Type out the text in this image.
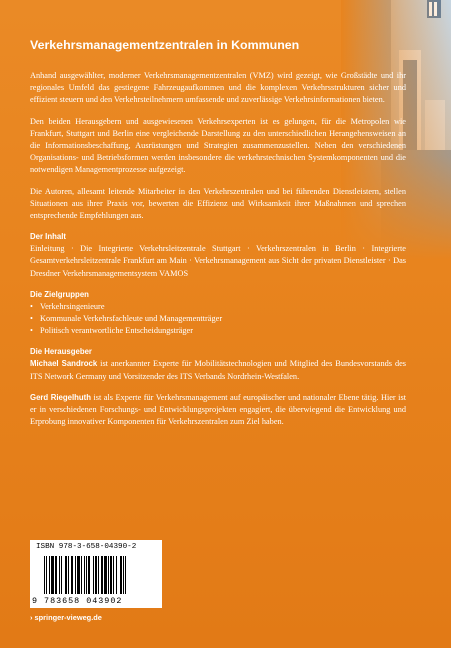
Verkehrsmanagementzentralen in Kommunen

Anhand ausgewählter, moderner Verkehrsmanagementzentralen (VMZ) wird gezeigt, wie Großstädte und ihr regionales Umfeld das gestiegene Fahrzeugaufkommen und die komplexen Verkehrsstrukturen sicher und effizient steuern und den Verkehrsteilnehmern umfassende und zuverlässige Verkehrsinformationen bieten.

Den beiden Herausgebern und ausgewiesenen Verkehrsexperten ist es gelungen, für die Metropolen wie Frankfurt, Stuttgart und Berlin eine vergleichende Darstellung zu den unterschiedlichen Herangehensweisen an die Informationsbeschaffung, Ausrüstungen und Strategien zusammenzustellen. Neben den verschiedenen Organisations- und Betriebsformen werden insbesondere die verkehrstechnischen Systemkomponenten und die notwendigen Managementprozesse aufgezeigt.

Die Autoren, allesamt leitende Mitarbeiter in den Verkehrszentralen und bei führenden Dienstleistern, stellen Situationen aus ihrer Praxis vor, bewerten die Effizienz und Wirksamkeit ihrer Maßnahmen und sprechen entsprechende Empfehlungen aus.

Der Inhalt

Einleitung · Die Integrierte Verkehrsleitzentrale Stuttgart · Verkehrszentralen in Berlin · Integrierte Gesamtverkehrsleitzentrale Frankfurt am Main · Verkehrsmanagement aus Sicht der privaten Dienstleister · Das Dresdner Verkehrsmanagementsystem VAMOS

Die Zielgruppen
• Verkehrsingenieure
• Kommunale Verkehrsfachleute und Managementträger
• Politisch verantwortliche Entscheidungsträger
Die Herausgeber

Michael Sandrock ist anerkannter Experte für Mobilitätstechnologien und Mitglied des Bundesvorstands des ITS Network Germany und Vorsitzender des ITS Verbands Nordrhein-Westfalen.

Gerd Riegelhuth ist als Experte für Verkehrsmanagement auf europäischer und nationaler Ebene tätig. Hier ist er in verschiedenen Forschungs- und Entwicklungsprojekten engagiert, die überwiegend die Entwicklung und Erprobung innovativer Komponenten für Verkehrszentralen zum Ziel haben.

ISBN 978-3-658-04390-2
9 783658 043902
› springer-vieweg.de
